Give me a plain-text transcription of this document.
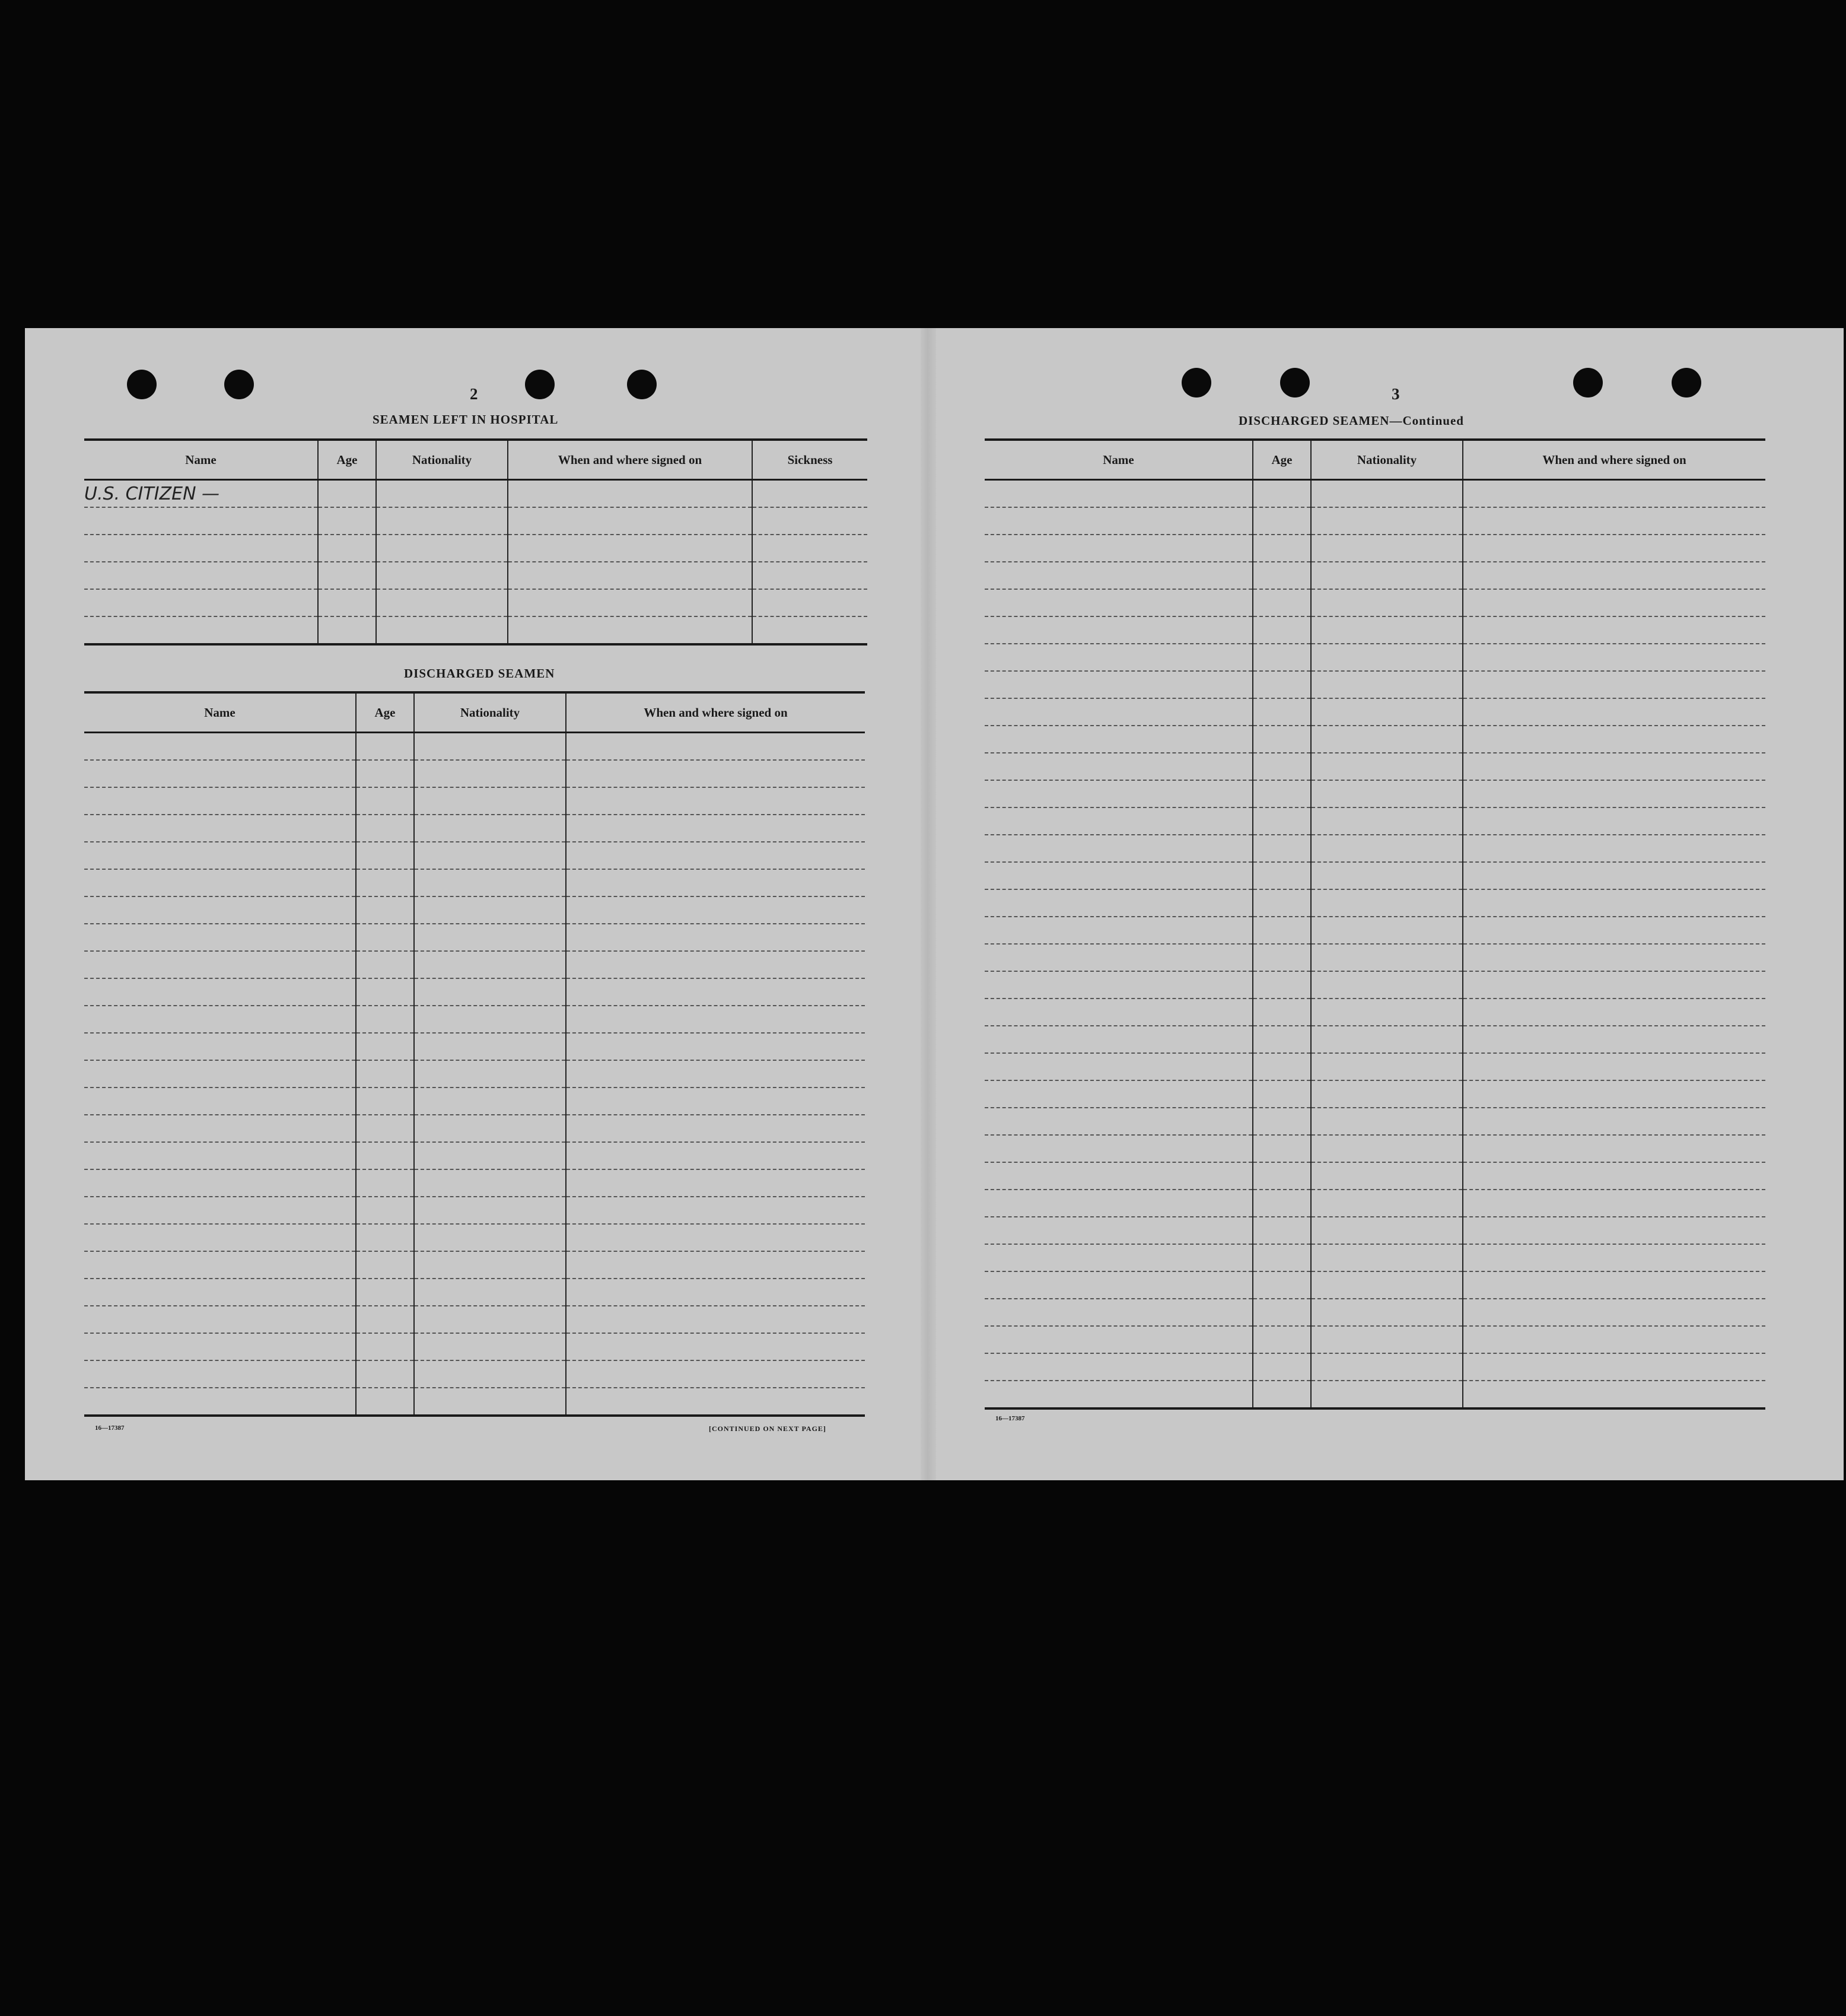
2
SEAMEN LEFT IN HOSPITAL
Name	Age	Nationality	When and where signed on	Sickness
U.S. CITIZEN —				

DISCHARGED SEAMEN
Name	Age	Nationality	When and where signed on

16—17387	[CONTINUED ON NEXT PAGE]
3
DISCHARGED SEAMEN—Continued
Name	Age	Nationality	When and where signed on

16—17387
